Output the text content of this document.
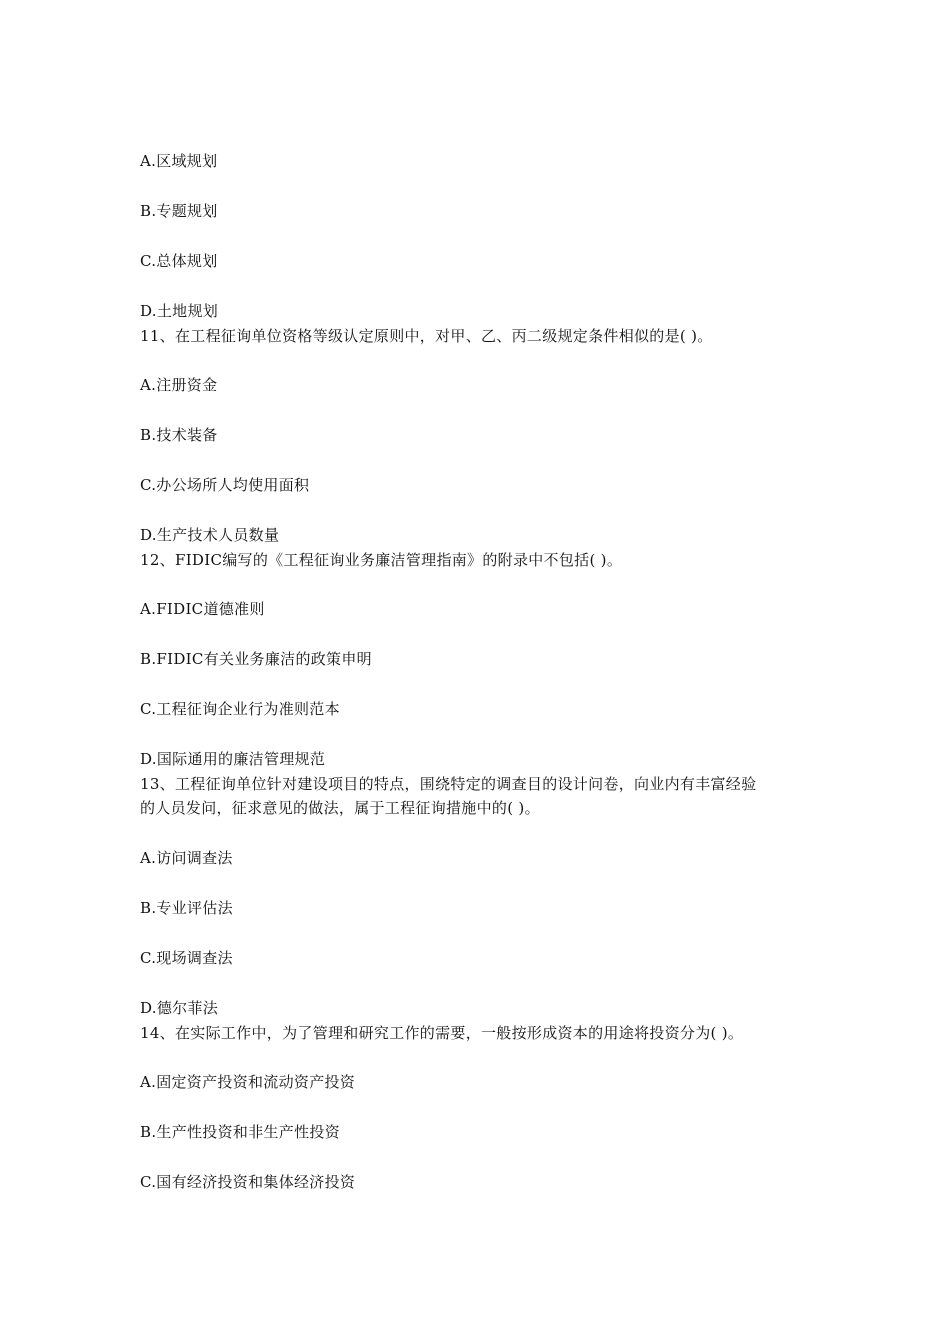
A.区域规划
B.专题规划
C.总体规划
D.土地规划
11、在工程征询单位资格等级认定原则中，对甲、乙、丙二级规定条件相似的是( )。
A.注册资金
B.技术装备
C.办公场所人均使用面积
D.生产技术人员数量
12、FIDIC编写的《工程征询业务廉洁管理指南》的附录中不包括( )。
A.FIDIC道德准则
B.FIDIC有关业务廉洁的政策申明
C.工程征询企业行为准则范本
D.国际通用的廉洁管理规范
13、工程征询单位针对建设项目的特点，围绕特定的调查目的设计问卷，向业内有丰富经验
的人员发问，征求意见的做法，属于工程征询措施中的( )。
A.访问调查法
B.专业评估法
C.现场调查法
D.德尔菲法
14、在实际工作中，为了管理和研究工作的需要，一般按形成资本的用途将投资分为( )。
A.固定资产投资和流动资产投资
B.生产性投资和非生产性投资
C.国有经济投资和集体经济投资
